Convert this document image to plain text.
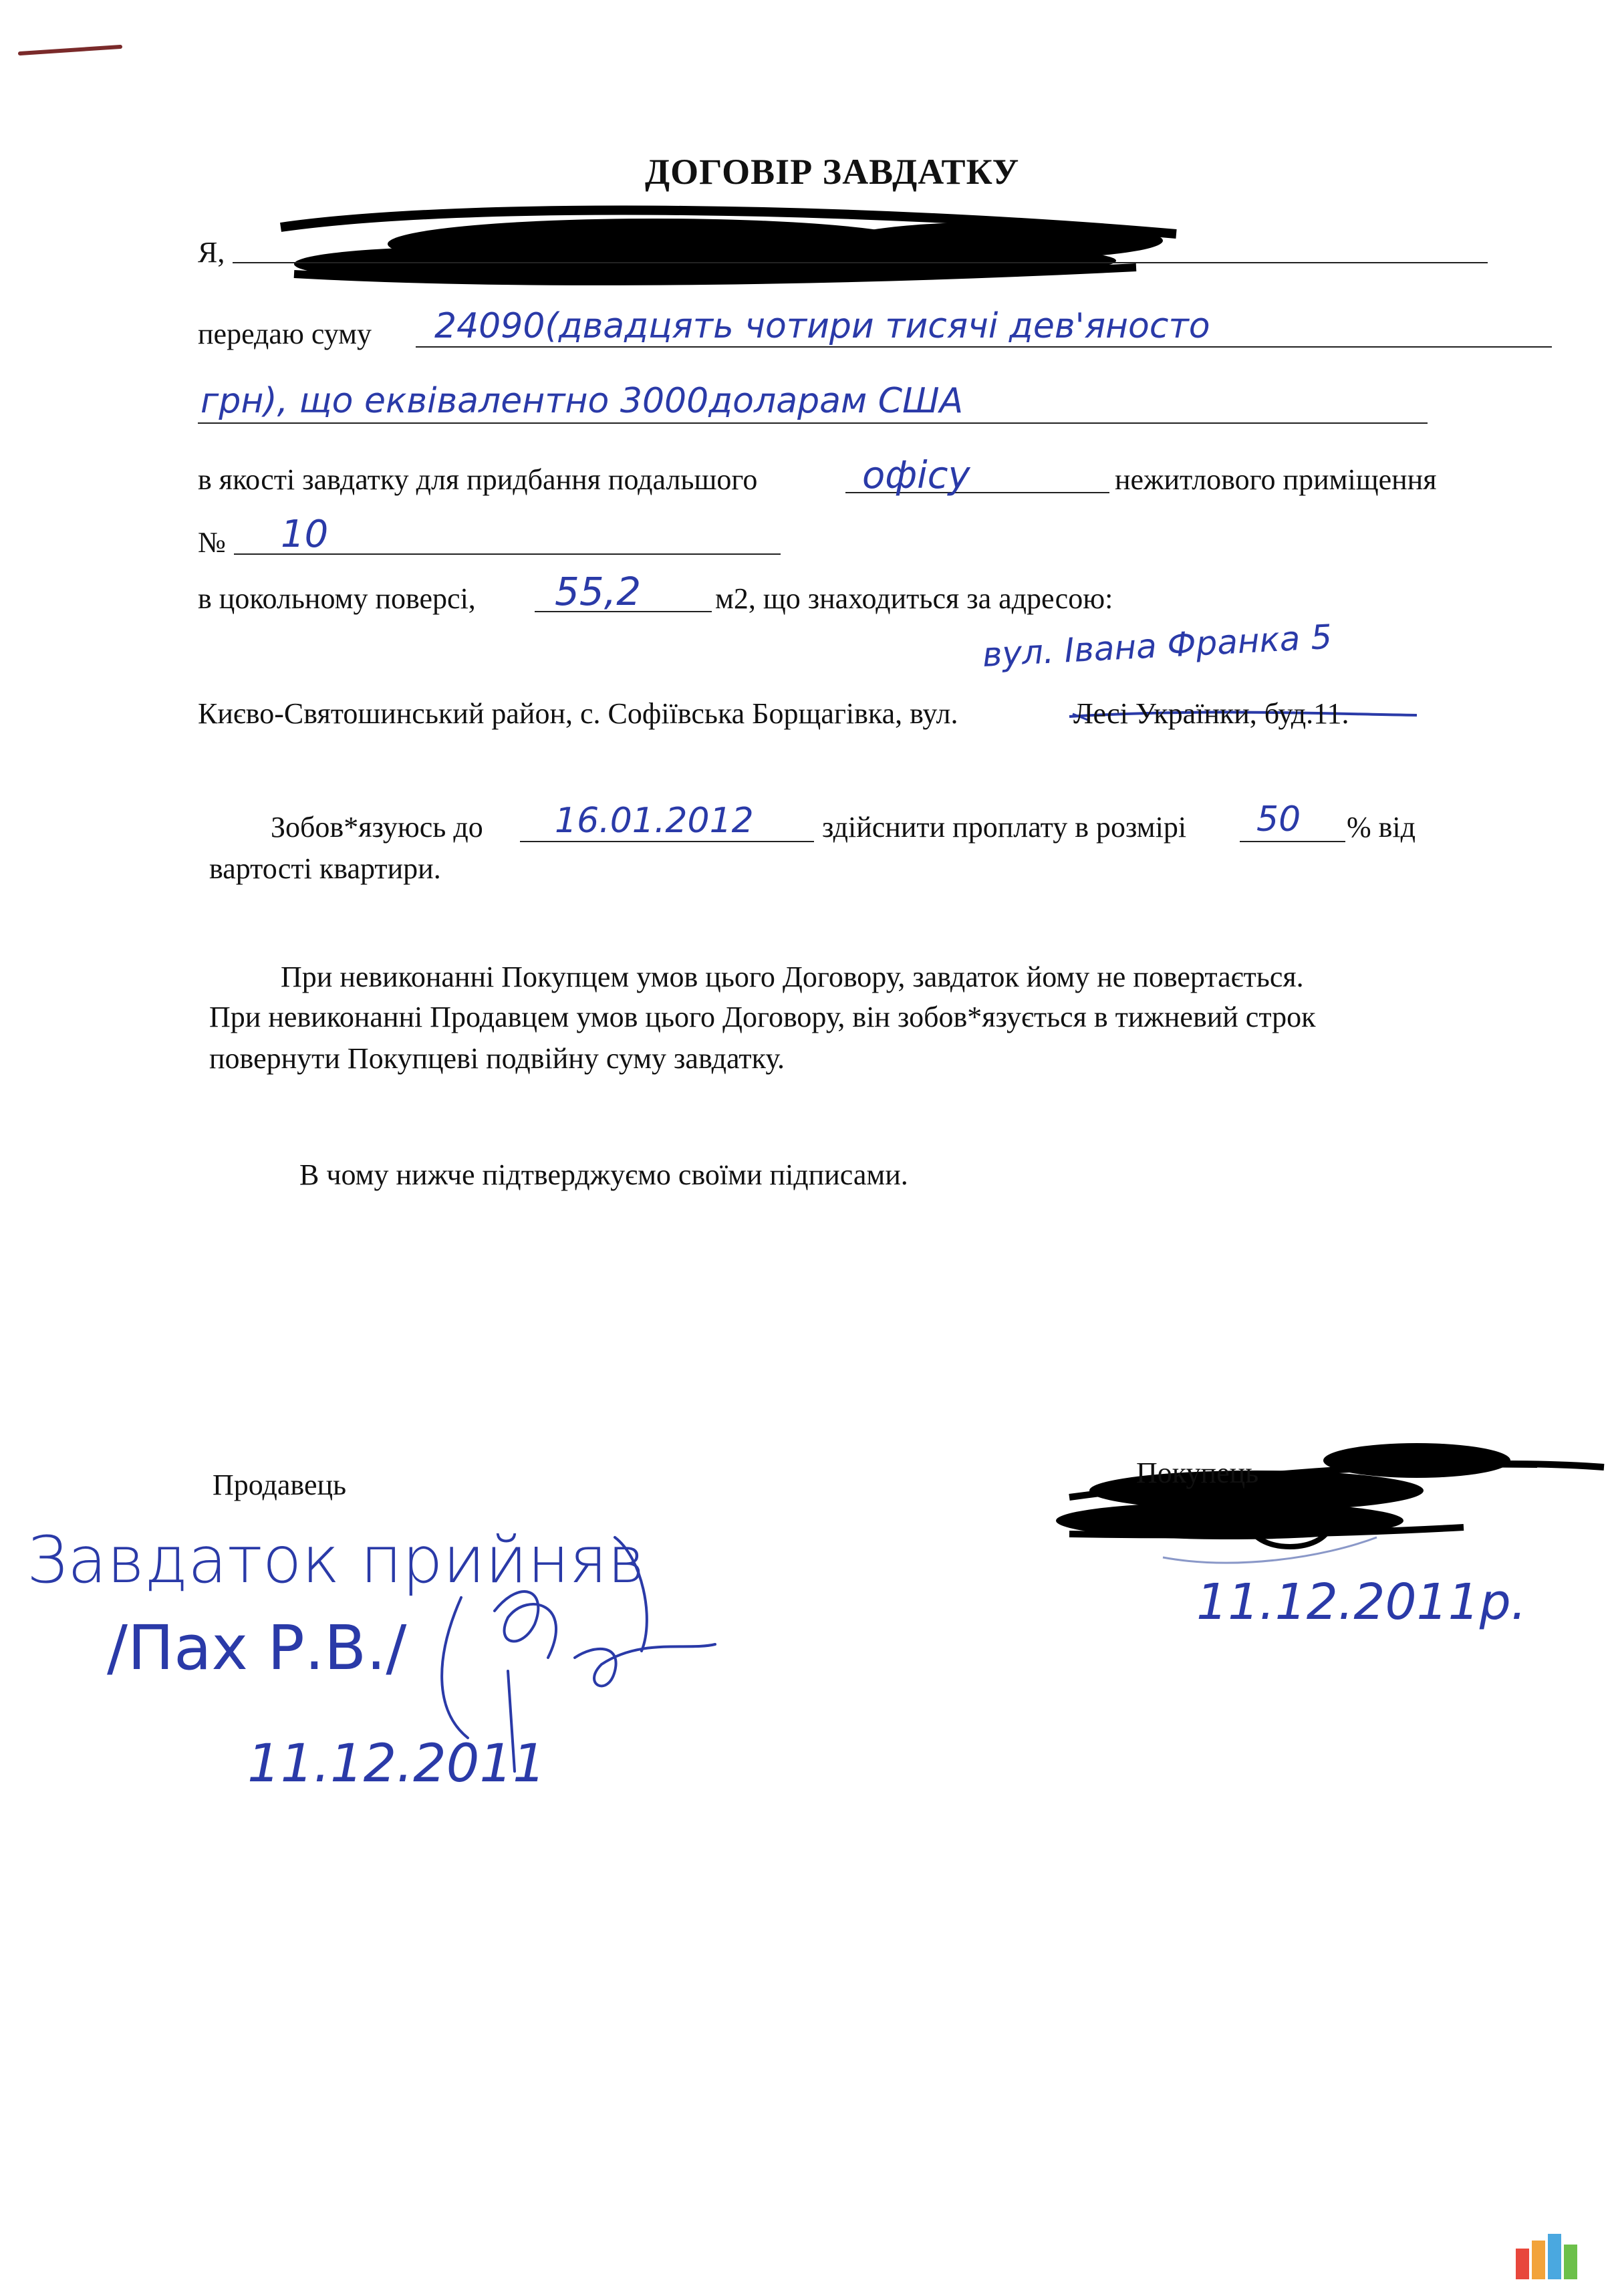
ДОГОВІР ЗАВДАТКУ
Я,
передаю суму 24090(двадцять чотири тисячі дев'яносто
грн), що еквівалентно 3000доларам США
в якості завдатку для придбання подальшого	офісу	нежитлового приміщення
№ 10
в цокольному поверсі, 55,2	м2, що знаходиться за адресою:
вул. Івана Франка 5
Києво-Святошинський район, с. Софіївська Борщагівка, вул.	Лесі Українки, буд.11.
Зобов*язуюсь до 16.01.2012 здійснити проплату в розмірі 50 % від
вартості квартири.
При невиконанні Покупцем умов цього Договору, завдаток йому не повертається.
При невиконанні Продавцем умов цього Договору, він зобов*язується в тижневий строк
повернути Покупцеві подвійну суму завдатку.
В чому нижче підтверджуємо своїми підписами.
Продавець
Завдаток прийняв
/Пах Р.В./
11.12.2011
Покупець
11.12.2011р.
